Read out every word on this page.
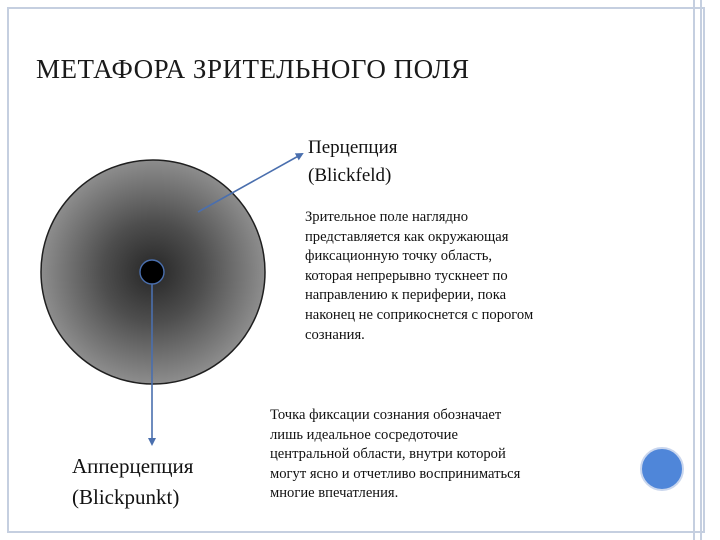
МЕТАФОРА ЗРИТЕЛЬНОГО ПОЛЯ
Перцепция
(Blickfeld)
Зрительное поле наглядно
представляется как окружающая
фиксационную точку область,
которая непрерывно тускнеет по
направлению к периферии, пока
наконец не соприкоснется с порогом
сознания.
Апперцепция
(Blickpunkt)
Точка фиксации сознания обозначает
лишь идеальное сосредоточие
центральной области, внутри которой
могут ясно и отчетливо восприниматься
многие впечатления.
